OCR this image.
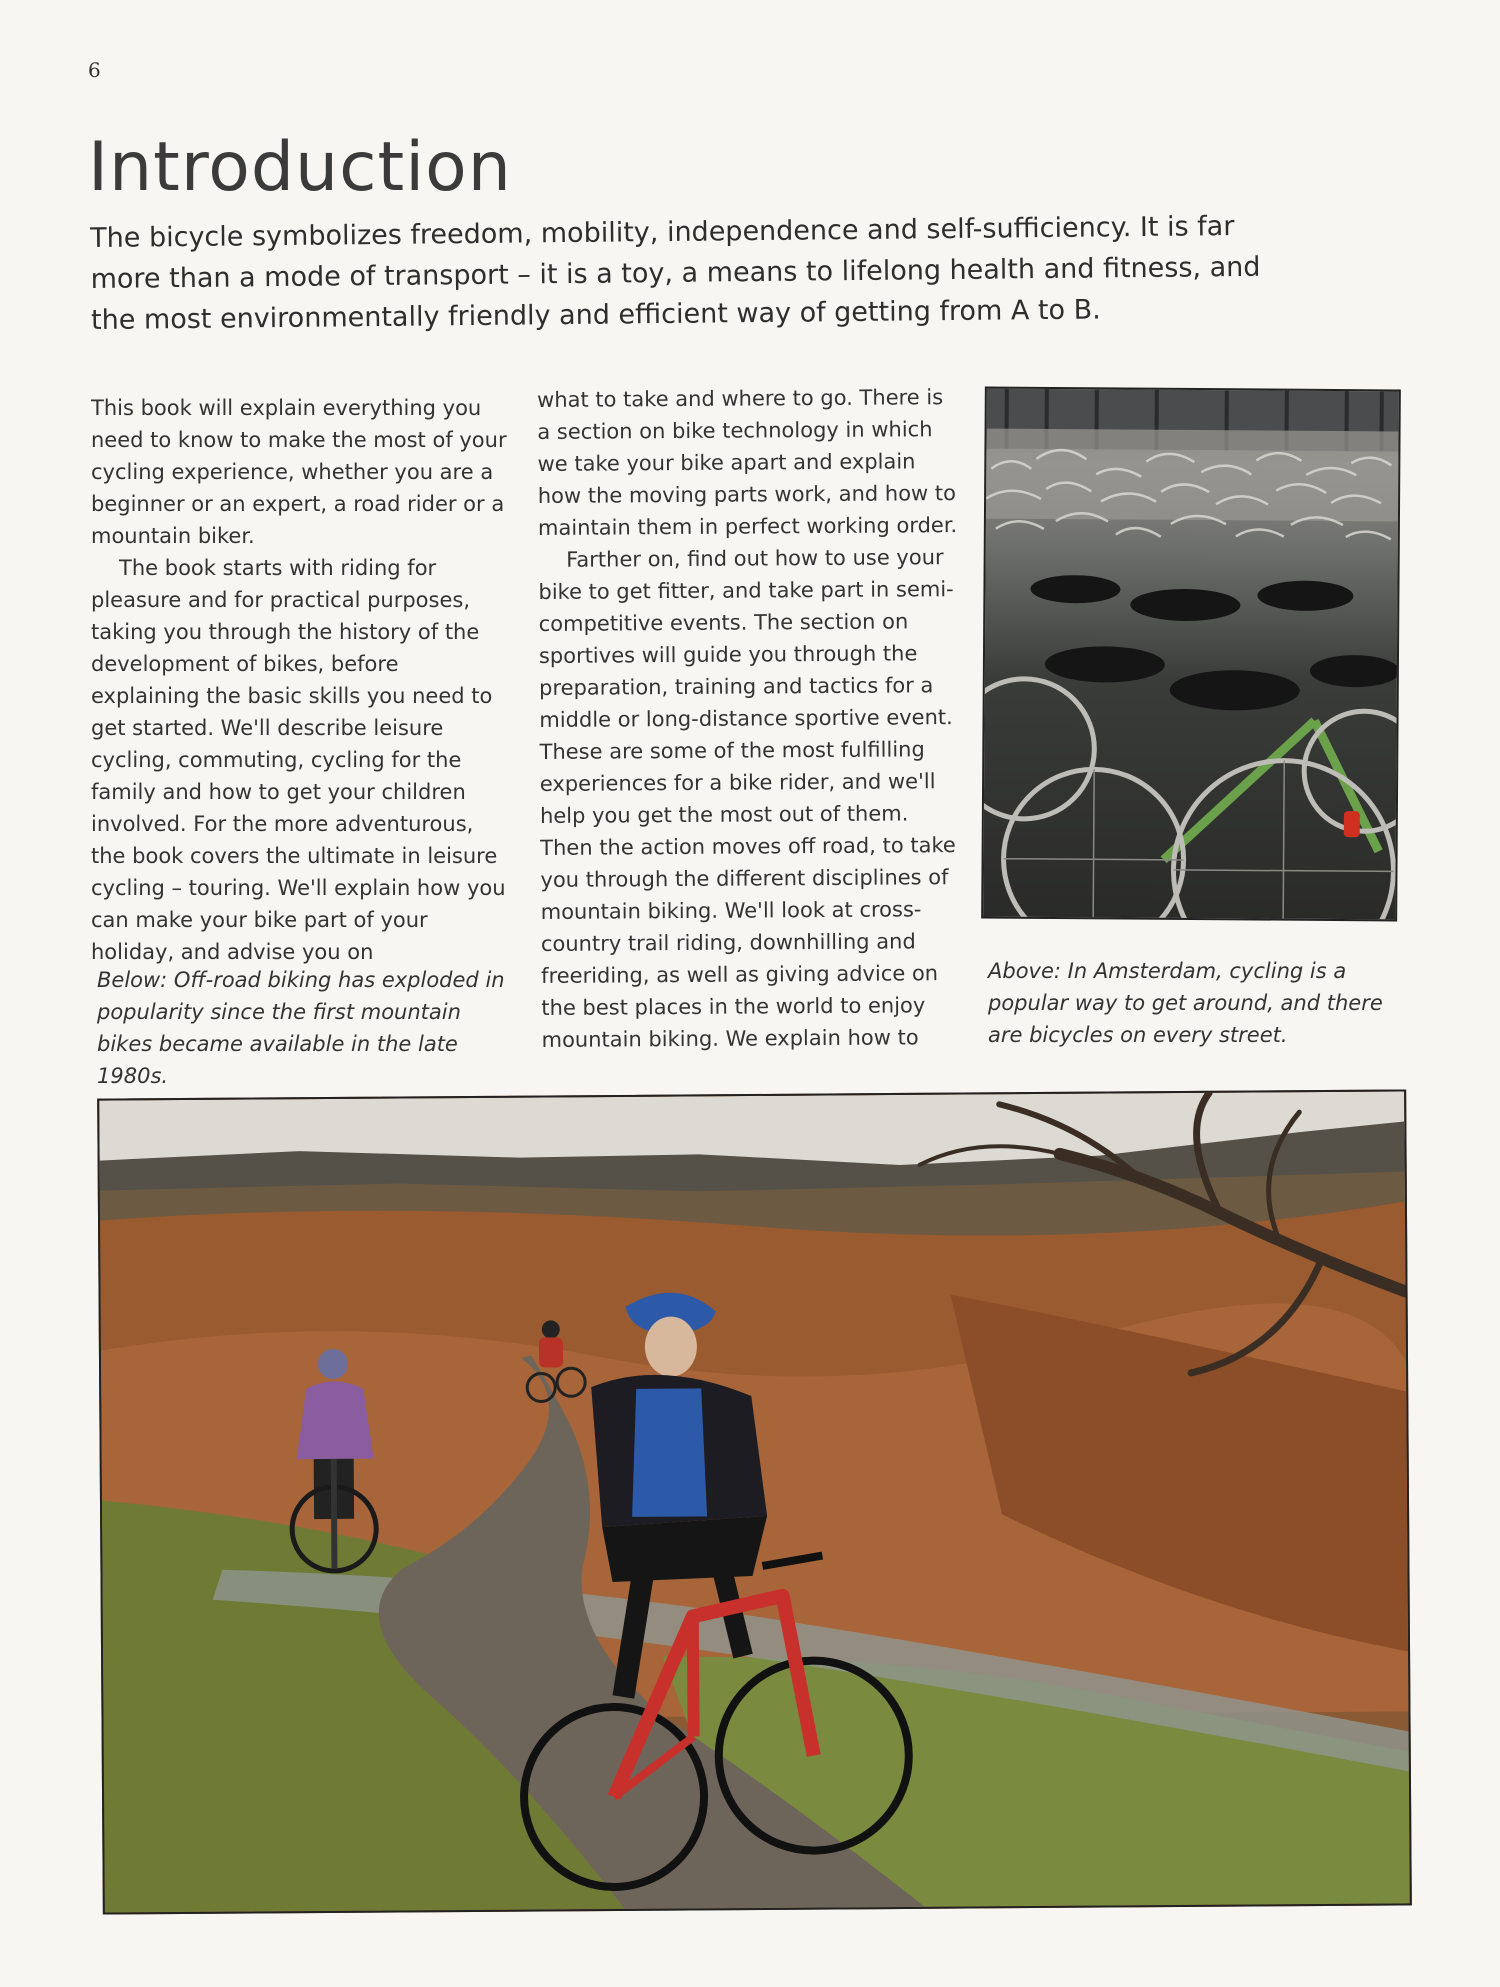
6
Introduction

The bicycle symbolizes freedom, mobility, independence and self-sufficiency. It is far more than a mode of transport – it is a toy, a means to lifelong health and fitness, and the most environmentally friendly and efficient way of getting from A to B.

This book will explain everything you need to know to make the most of your cycling experience, whether you are a beginner or an expert, a road rider or a mountain biker.

The book starts with riding for pleasure and for practical purposes, taking you through the history of the development of bikes, before explaining the basic skills you need to get started. We'll describe leisure cycling, commuting, cycling for the family and how to get your children involved. For the more adventurous, the book covers the ultimate in leisure cycling – touring. We'll explain how you can make your bike part of your holiday, and advise you on

Below: Off-road biking has exploded in popularity since the first mountain bikes became available in the late 1980s.

what to take and where to go. There is a section on bike technology in which we take your bike apart and explain how the moving parts work, and how to maintain them in perfect working order.

Farther on, find out how to use your bike to get fitter, and take part in semi-competitive events. The section on sportives will guide you through the preparation, training and tactics for a middle or long-distance sportive event. These are some of the most fulfilling experiences for a bike rider, and we'll help you get the most out of them. Then the action moves off road, to take you through the different disciplines of mountain biking. We'll look at cross-country trail riding, downhilling and freeriding, as well as giving advice on the best places in the world to enjoy mountain biking. We explain how to

Above: In Amsterdam, cycling is a popular way to get around, and there are bicycles on every street.
